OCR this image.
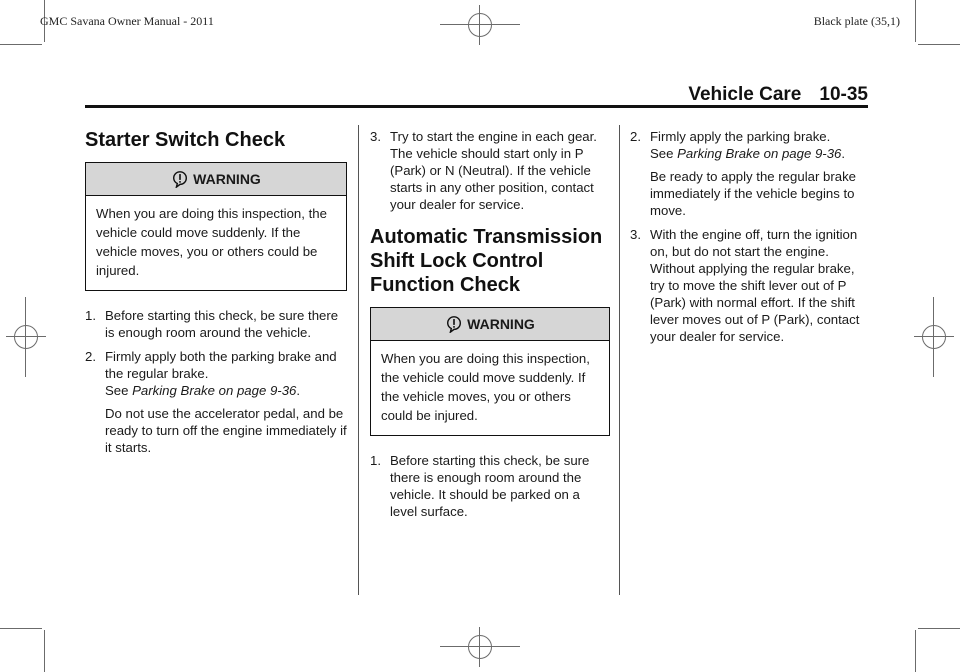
GMC Savana Owner Manual - 2011	Black plate (35,1)
Vehicle Care 10-35
Starter Switch Check
WARNING
When you are doing this inspection, the vehicle could move suddenly. If the vehicle moves, you or others could be injured.
1. Before starting this check, be sure there is enough room around the vehicle.

2. Firmly apply both the parking brake and the regular brake.
See Parking Brake on page 9-36.

Do not use the accelerator pedal, and be ready to turn off the engine immediately if it starts.

3. Try to start the engine in each gear. The vehicle should start only in P (Park) or N (Neutral). If the vehicle starts in any other position, contact your dealer for service.

Automatic Transmission Shift Lock Control Function Check
WARNING
When you are doing this inspection, the vehicle could move suddenly. If the vehicle moves, you or others could be injured.
1. Before starting this check, be sure there is enough room around the vehicle. It should be parked on a level surface.

2. Firmly apply the parking brake.
See Parking Brake on page 9-36.

Be ready to apply the regular brake immediately if the vehicle begins to move.

3. With the engine off, turn the ignition on, but do not start the engine. Without applying the regular brake, try to move the shift lever out of P (Park) with normal effort. If the shift lever moves out of P (Park), contact your dealer for service.
